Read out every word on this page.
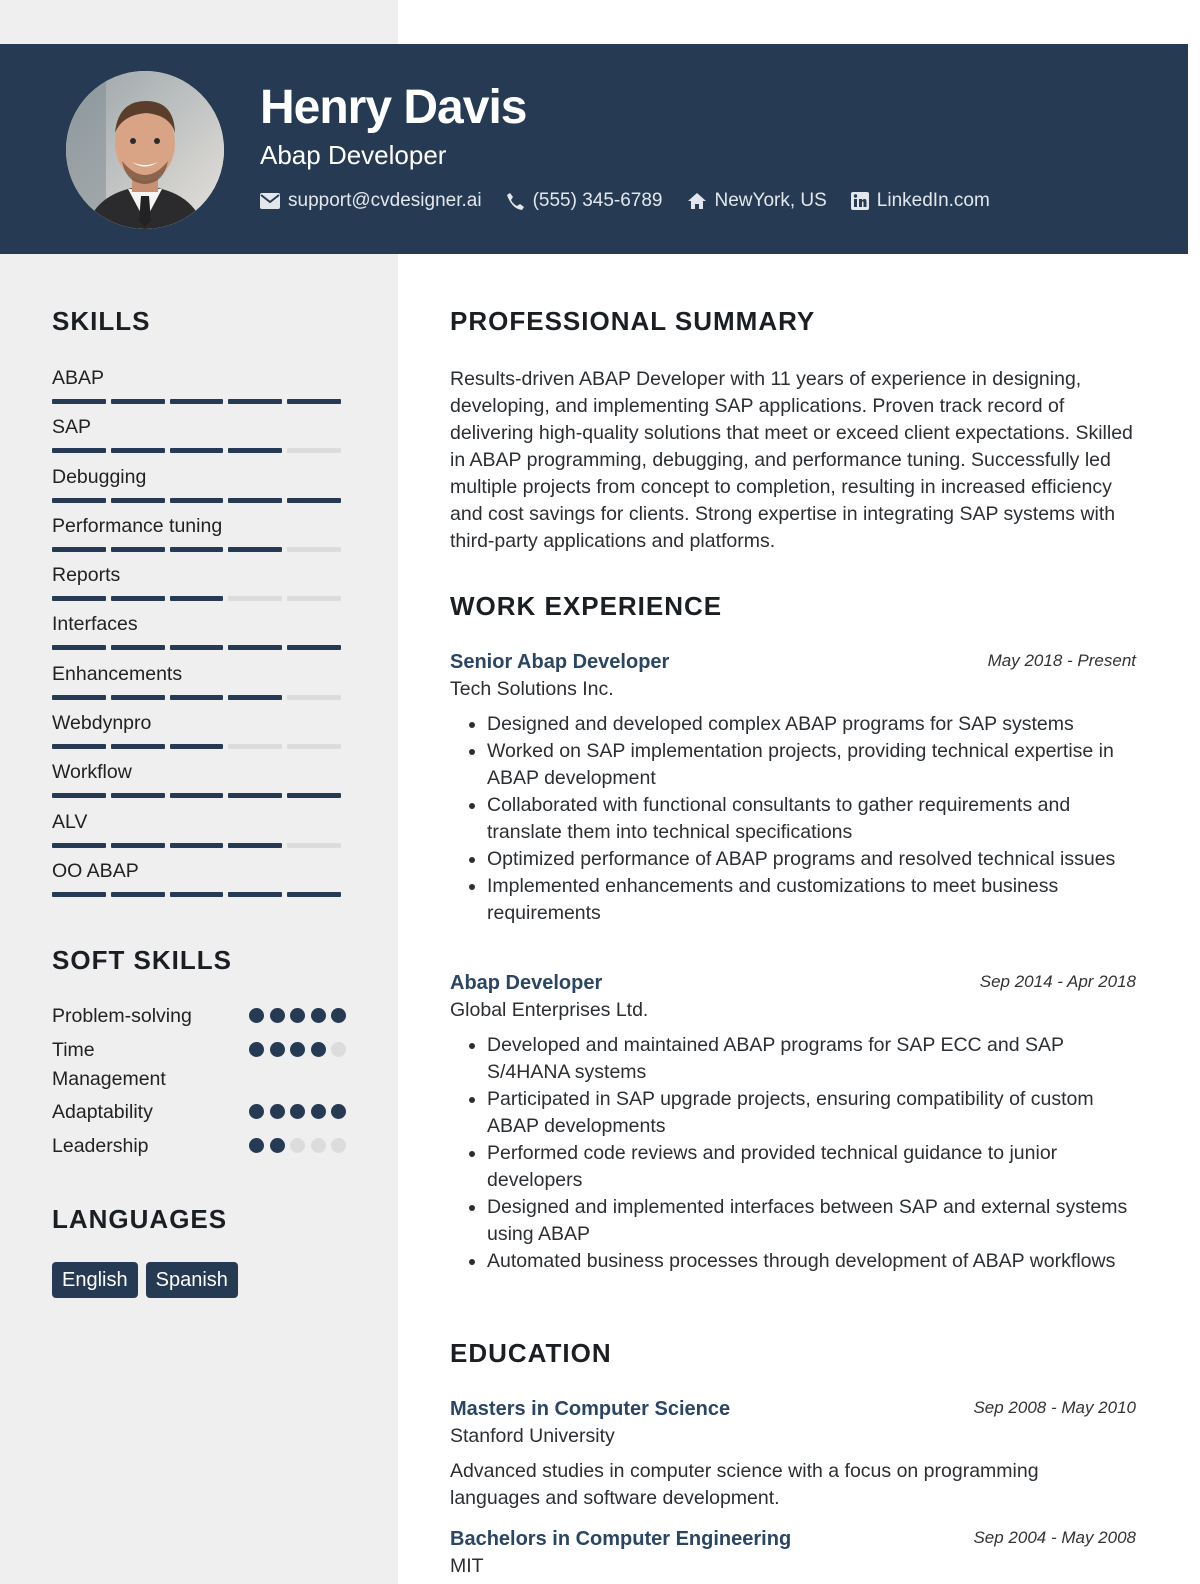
Henry Davis
Abap Developer
support@cvdesigner.ai	(555) 345-6789	NewYork, US	LinkedIn.com
SKILLS
ABAP
SAP
Debugging
Performance tuning
Reports
Interfaces
Enhancements
Webdynpro
Workflow
ALV
OO ABAP
SOFT SKILLS
Problem-solving
Time Management
Adaptability
Leadership
LANGUAGES
English	Spanish
PROFESSIONAL SUMMARY
Results-driven ABAP Developer with 11 years of experience in designing, developing, and implementing SAP applications. Proven track record of delivering high-quality solutions that meet or exceed client expectations. Skilled in ABAP programming, debugging, and performance tuning. Successfully led multiple projects from concept to completion, resulting in increased efficiency and cost savings for clients. Strong expertise in integrating SAP systems with third-party applications and platforms.
WORK EXPERIENCE
Senior Abap Developer	May 2018 - Present
Tech Solutions Inc.
• Designed and developed complex ABAP programs for SAP systems
• Worked on SAP implementation projects, providing technical expertise in ABAP development
• Collaborated with functional consultants to gather requirements and translate them into technical specifications
• Optimized performance of ABAP programs and resolved technical issues
• Implemented enhancements and customizations to meet business requirements
Abap Developer	Sep 2014 - Apr 2018
Global Enterprises Ltd.
• Developed and maintained ABAP programs for SAP ECC and SAP S/4HANA systems
• Participated in SAP upgrade projects, ensuring compatibility of custom ABAP developments
• Performed code reviews and provided technical guidance to junior developers
• Designed and implemented interfaces between SAP and external systems using ABAP
• Automated business processes through development of ABAP workflows
EDUCATION
Masters in Computer Science	Sep 2008 - May 2010
Stanford University
Advanced studies in computer science with a focus on programming languages and software development.
Bachelors in Computer Engineering	Sep 2004 - May 2008
MIT
